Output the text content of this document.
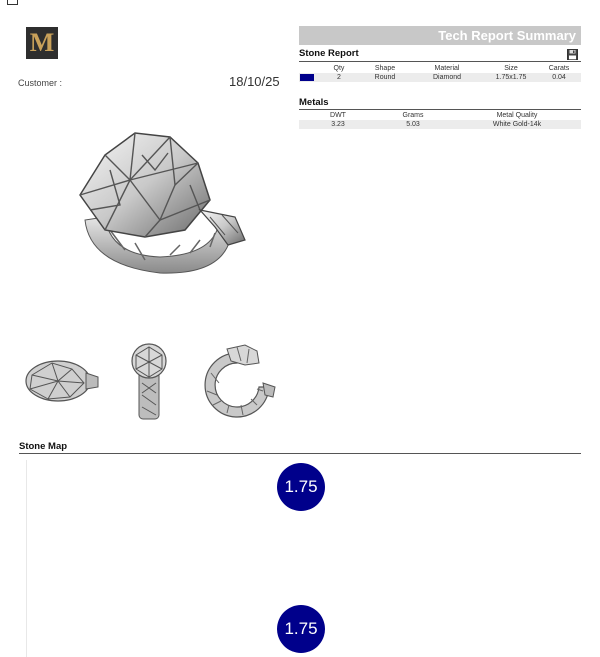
M
Customer :	18/10/25
Tech Report Summary
Stone Report
Qty	Shape	Material	Size	Carats
2	Round	Diamond	1.75x1.75	0.04
Metals
DWT	Grams	Metal Quality
3.23	5.03	White Gold-14k
Stone Map
1.75
1.75
